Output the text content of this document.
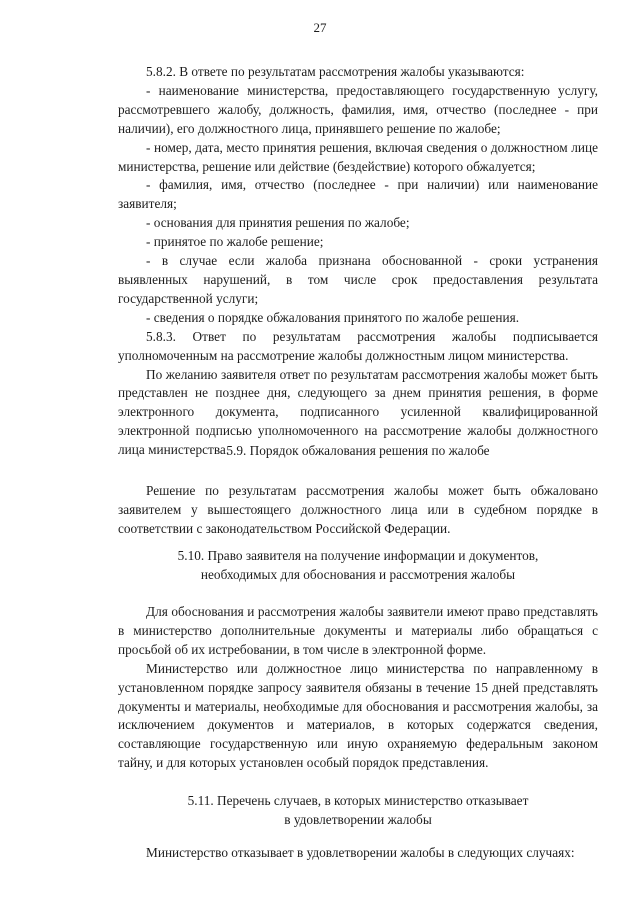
27

5.8.2. В ответе по результатам рассмотрения жалобы указываются:

- наименование министерства, предоставляющего государственную услугу, рассмотревшего жалобу, должность, фамилия, имя, отчество (последнее - при наличии), его должностного лица, принявшего решение по жалобе;

- номер, дата, место принятия решения, включая сведения о должностном лице министерства, решение или действие (бездействие) которого обжалуется;

- фамилия, имя, отчество (последнее - при наличии) или наименование заявителя;

- основания для принятия решения по жалобе;

- принятое по жалобе решение;

- в случае если жалоба признана обоснованной - сроки устранения выявленных нарушений, в том числе срок предоставления результата государственной услуги;

- сведения о порядке обжалования принятого по жалобе решения.

5.8.3. Ответ по результатам рассмотрения жалобы подписывается уполномоченным на рассмотрение жалобы должностным лицом министерства.

По желанию заявителя ответ по результатам рассмотрения жалобы может быть представлен не позднее дня, следующего за днем принятия решения, в форме электронного документа, подписанного усиленной квалифицированной электронной подписью уполномоченного на рассмотрение жалобы должностного лица министерства.

5.9. Порядок обжалования решения по жалобе

Решение по результатам рассмотрения жалобы может быть обжаловано заявителем у вышестоящего должностного лица или в судебном порядке в соответствии с законодательством Российской Федерации.

5.10. Право заявителя на получение информации и документов,

необходимых для обоснования и рассмотрения жалобы

Для обоснования и рассмотрения жалобы заявители имеют право представлять в министерство дополнительные документы и материалы либо обращаться с просьбой об их истребовании, в том числе в электронной форме.

Министерство или должностное лицо министерства по направленному в установленном порядке запросу заявителя обязаны в течение 15 дней представлять документы и материалы, необходимые для обоснования и рассмотрения жалобы, за исключением документов и материалов, в которых содержатся сведения, составляющие государственную или иную охраняемую федеральным законом тайну, и для которых установлен особый порядок представления.

5.11. Перечень случаев, в которых министерство отказывает

в удовлетворении жалобы

Министерство отказывает в удовлетворении жалобы в следующих случаях:
